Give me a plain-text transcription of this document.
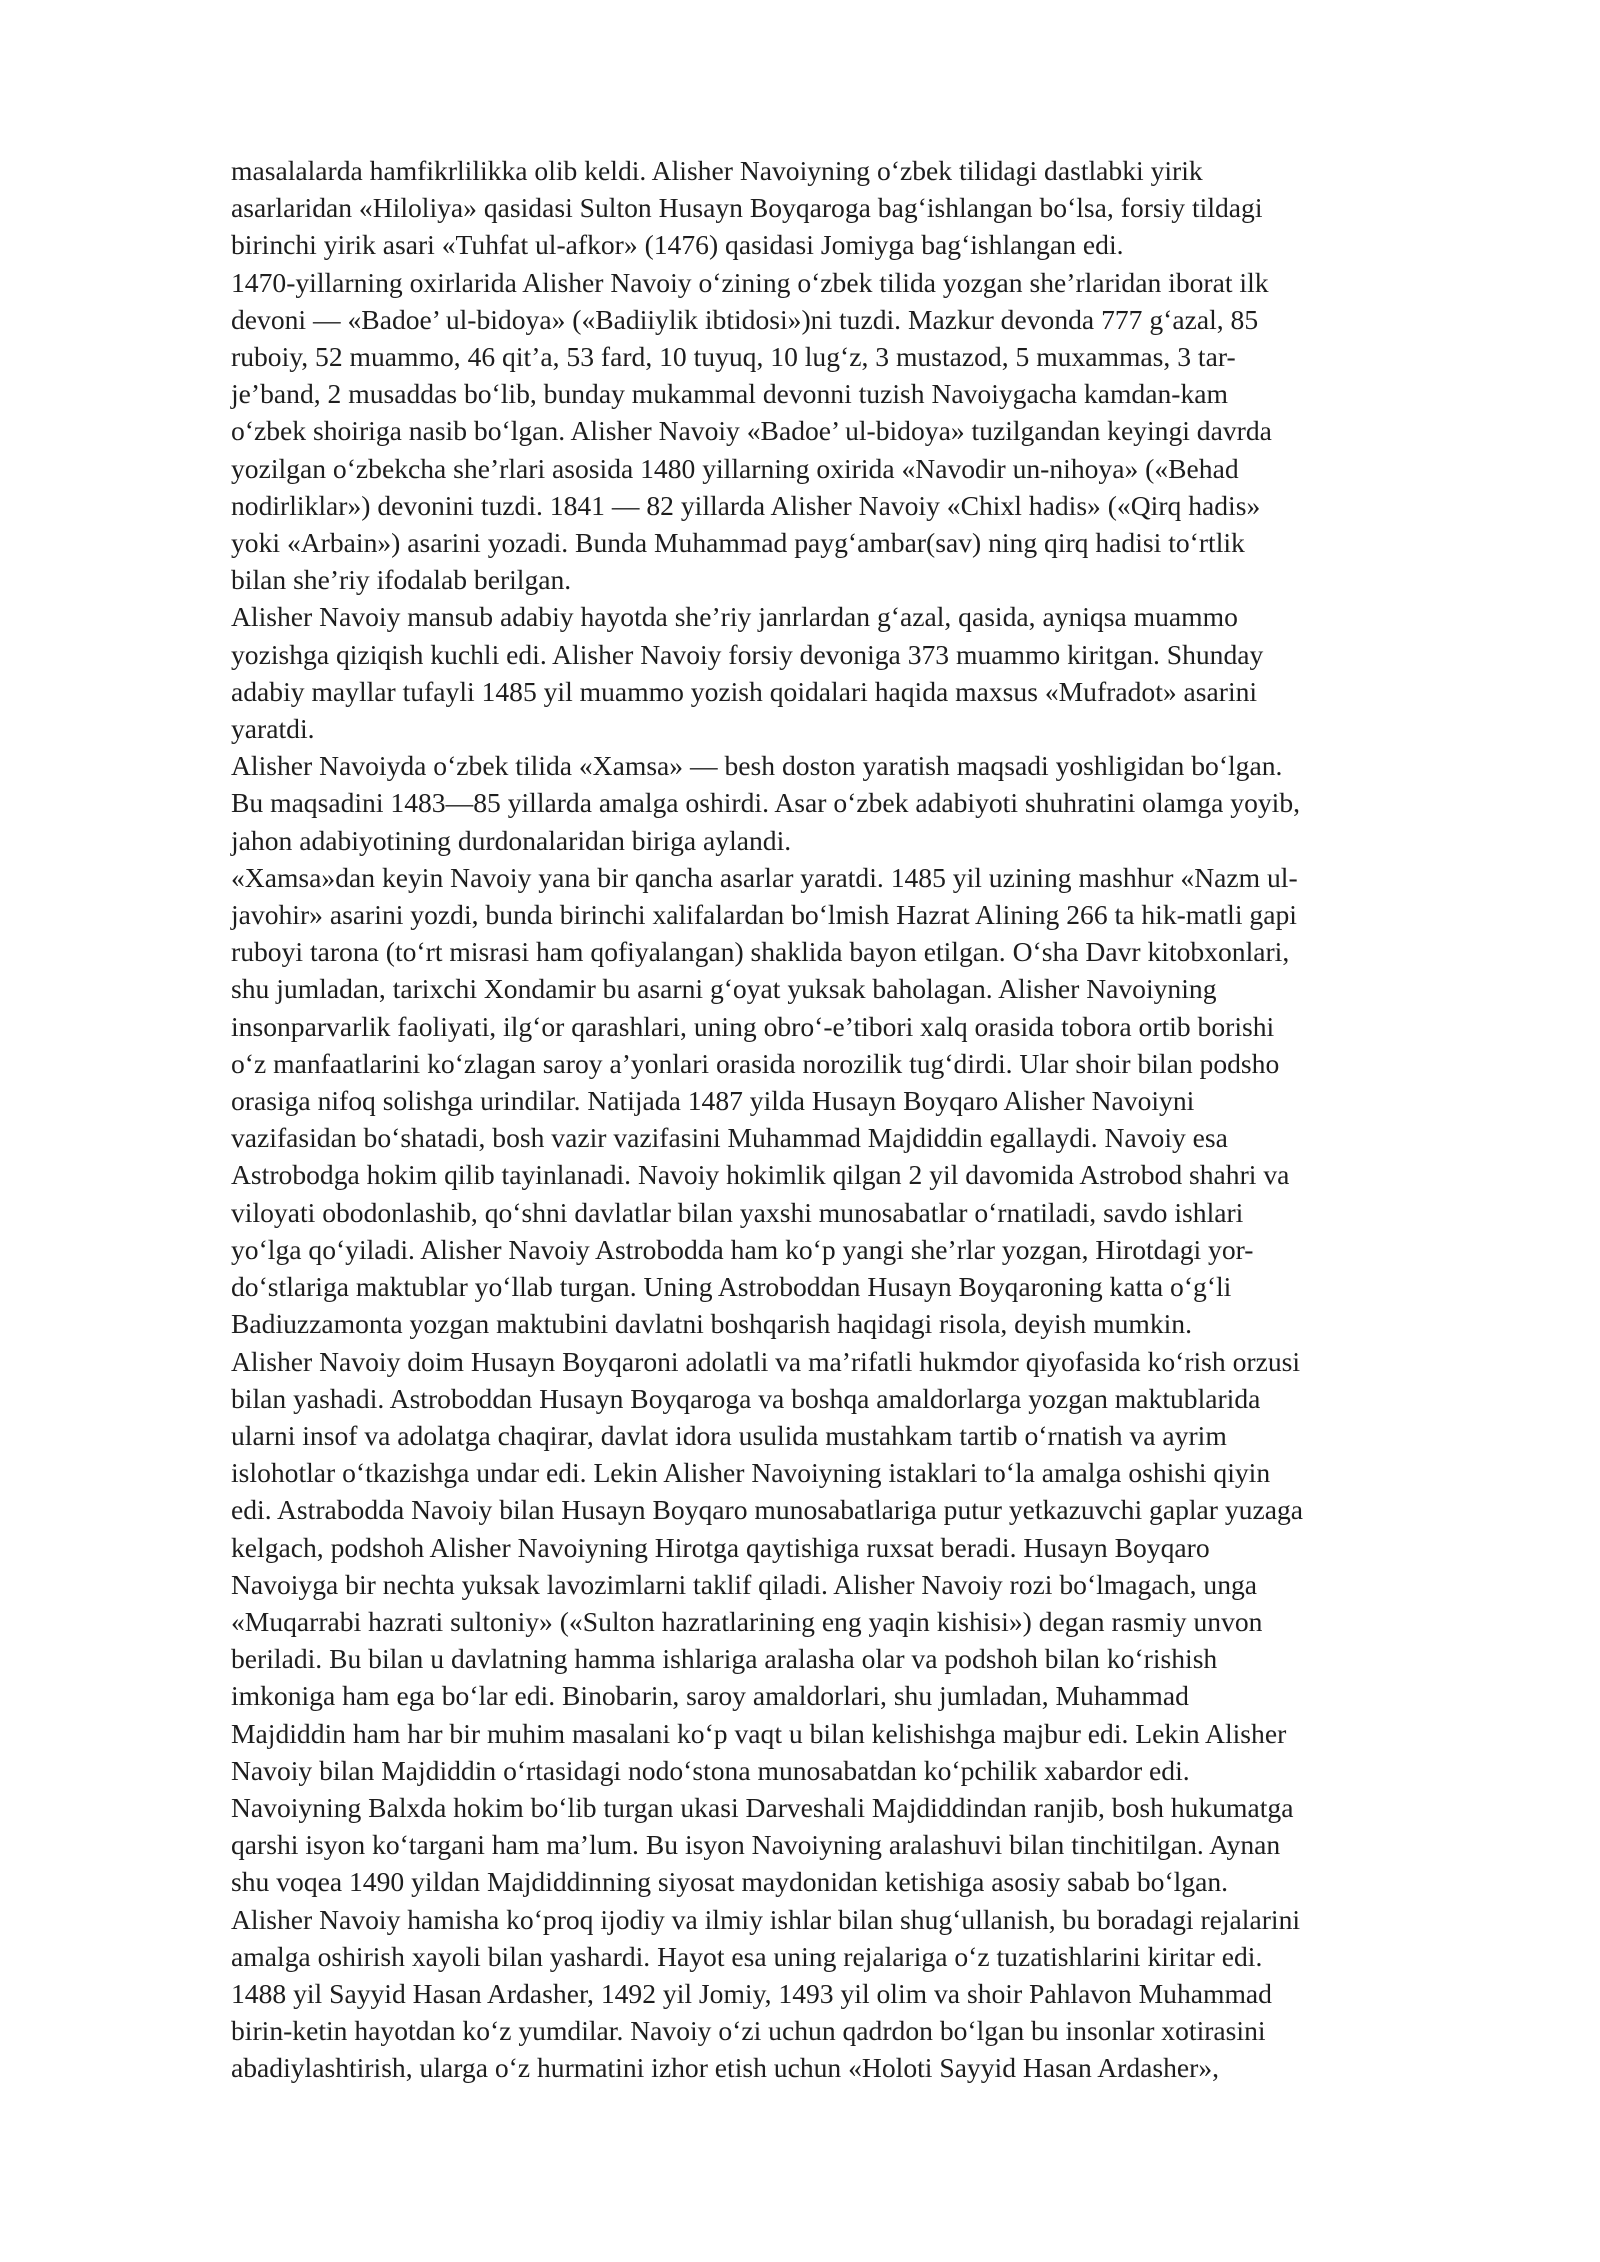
masalalarda hamfikrlilikka olib keldi. Alisher Navoiyning o‘zbek tilidagi dastlabki yirik
asarlaridan «Hiloliya» qasidasi Sulton Husayn Boyqaroga bag‘ishlangan bo‘lsa, forsiy tildagi
birinchi yirik asari «Tuhfat ul-afkor» (1476) qasidasi Jomiyga bag‘ishlangan edi.
1470-yillarning oxirlarida Alisher Navoiy o‘zining o‘zbek tilida yozgan she’rlaridan iborat ilk
devoni — «Badoe’ ul-bidoya» («Badiiylik ibtidosi»)ni tuzdi. Mazkur devonda 777 g‘azal, 85
ruboiy, 52 muammo, 46 qit’a, 53 fard, 10 tuyuq, 10 lug‘z, 3 mustazod, 5 muxammas, 3 tar-
je’band, 2 musaddas bo‘lib, bunday mukammal devonni tuzish Navoiygacha kamdan-kam
o‘zbek shoiriga nasib bo‘lgan. Alisher Navoiy «Badoe’ ul-bidoya» tuzilgandan keyingi davrda
yozilgan o‘zbekcha she’rlari asosida 1480 yillarning oxirida «Navodir un-nihoya» («Behad
nodirliklar») devonini tuzdi. 1841 — 82 yillarda Alisher Navoiy «Chixl hadis» («Qirq hadis»
yoki «Arbain») asarini yozadi. Bunda Muhammad payg‘ambar(sav) ning qirq hadisi to‘rtlik
bilan she’riy ifodalab berilgan.
Alisher Navoiy mansub adabiy hayotda she’riy janrlardan g‘azal, qasida, ayniqsa muammo
yozishga qiziqish kuchli edi. Alisher Navoiy forsiy devoniga 373 muammo kiritgan. Shunday
adabiy mayllar tufayli 1485 yil muammo yozish qoidalari haqida maxsus «Mufradot» asarini
yaratdi.
Alisher Navoiyda o‘zbek tilida «Xamsa» — besh doston yaratish maqsadi yoshligidan bo‘lgan.
Bu maqsadini 1483—85 yillarda amalga oshirdi. Asar o‘zbek adabiyoti shuhratini olamga yoyib,
jahon adabiyotining durdonalaridan biriga aylandi.
«Xamsa»dan keyin Navoiy yana bir qancha asarlar yaratdi. 1485 yil uzining mashhur «Nazm ul-
javohir» asarini yozdi, bunda birinchi xalifalardan bo‘lmish Hazrat Alining 266 ta hik-matli gapi
ruboyi tarona (to‘rt misrasi ham qofiyalangan) shaklida bayon etilgan. O‘sha Davr kitobxonlari,
shu jumladan, tarixchi Xondamir bu asarni g‘oyat yuksak baholagan. Alisher Navoiyning
insonparvarlik faoliyati, ilg‘or qarashlari, uning obro‘-e’tibori xalq orasida tobora ortib borishi
o‘z manfaatlarini ko‘zlagan saroy a’yonlari orasida norozilik tug‘dirdi. Ular shoir bilan podsho
orasiga nifoq solishga urindilar. Natijada 1487 yilda Husayn Boyqaro Alisher Navoiyni
vazifasidan bo‘shatadi, bosh vazir vazifasini Muhammad Majdiddin egallaydi. Navoiy esa
Astrobodga hokim qilib tayinlanadi. Navoiy hokimlik qilgan 2 yil davomida Astrobod shahri va
viloyati obodonlashib, qo‘shni davlatlar bilan yaxshi munosabatlar o‘rnatiladi, savdo ishlari
yo‘lga qo‘yiladi. Alisher Navoiy Astrobodda ham ko‘p yangi she’rlar yozgan, Hirotdagi yor-
do‘stlariga maktublar yo‘llab turgan. Uning Astroboddan Husayn Boyqaroning katta o‘g‘li
Badiuzzamonta yozgan maktubini davlatni boshqarish haqidagi risola, deyish mumkin.
Alisher Navoiy doim Husayn Boyqaroni adolatli va ma’rifatli hukmdor qiyofasida ko‘rish orzusi
bilan yashadi. Astroboddan Husayn Boyqaroga va boshqa amaldorlarga yozgan maktublarida
ularni insof va adolatga chaqirar, davlat idora usulida mustahkam tartib o‘rnatish va ayrim
islohotlar o‘tkazishga undar edi. Lekin Alisher Navoiyning istaklari to‘la amalga oshishi qiyin
edi. Astrabodda Navoiy bilan Husayn Boyqaro munosabatlariga putur yetkazuvchi gaplar yuzaga
kelgach, podshoh Alisher Navoiyning Hirotga qaytishiga ruxsat beradi. Husayn Boyqaro
Navoiyga bir nechta yuksak lavozimlarni taklif qiladi. Alisher Navoiy rozi bo‘lmagach, unga
«Muqarrabi hazrati sultoniy» («Sulton hazratlarining eng yaqin kishisi») degan rasmiy unvon
beriladi. Bu bilan u davlatning hamma ishlariga aralasha olar va podshoh bilan ko‘rishish
imkoniga ham ega bo‘lar edi. Binobarin, saroy amaldorlari, shu jumladan, Muhammad
Majdiddin ham har bir muhim masalani ko‘p vaqt u bilan kelishishga majbur edi. Lekin Alisher
Navoiy bilan Majdiddin o‘rtasidagi nodo‘stona munosabatdan ko‘pchilik xabardor edi.
Navoiyning Balxda hokim bo‘lib turgan ukasi Darveshali Majdiddindan ranjib, bosh hukumatga
qarshi isyon ko‘targani ham ma’lum. Bu isyon Navoiyning aralashuvi bilan tinchitilgan. Aynan
shu voqea 1490 yildan Majdiddinning siyosat maydonidan ketishiga asosiy sabab bo‘lgan.
Alisher Navoiy hamisha ko‘proq ijodiy va ilmiy ishlar bilan shug‘ullanish, bu boradagi rejalarini
amalga oshirish xayoli bilan yashardi. Hayot esa uning rejalariga o‘z tuzatishlarini kiritar edi.
1488 yil Sayyid Hasan Ardasher, 1492 yil Jomiy, 1493 yil olim va shoir Pahlavon Muhammad
birin-ketin hayotdan ko‘z yumdilar. Navoiy o‘zi uchun qadrdon bo‘lgan bu insonlar xotirasini
abadiylashtirish, ularga o‘z hurmatini izhor etish uchun «Holoti Sayyid Hasan Ardasher»,
